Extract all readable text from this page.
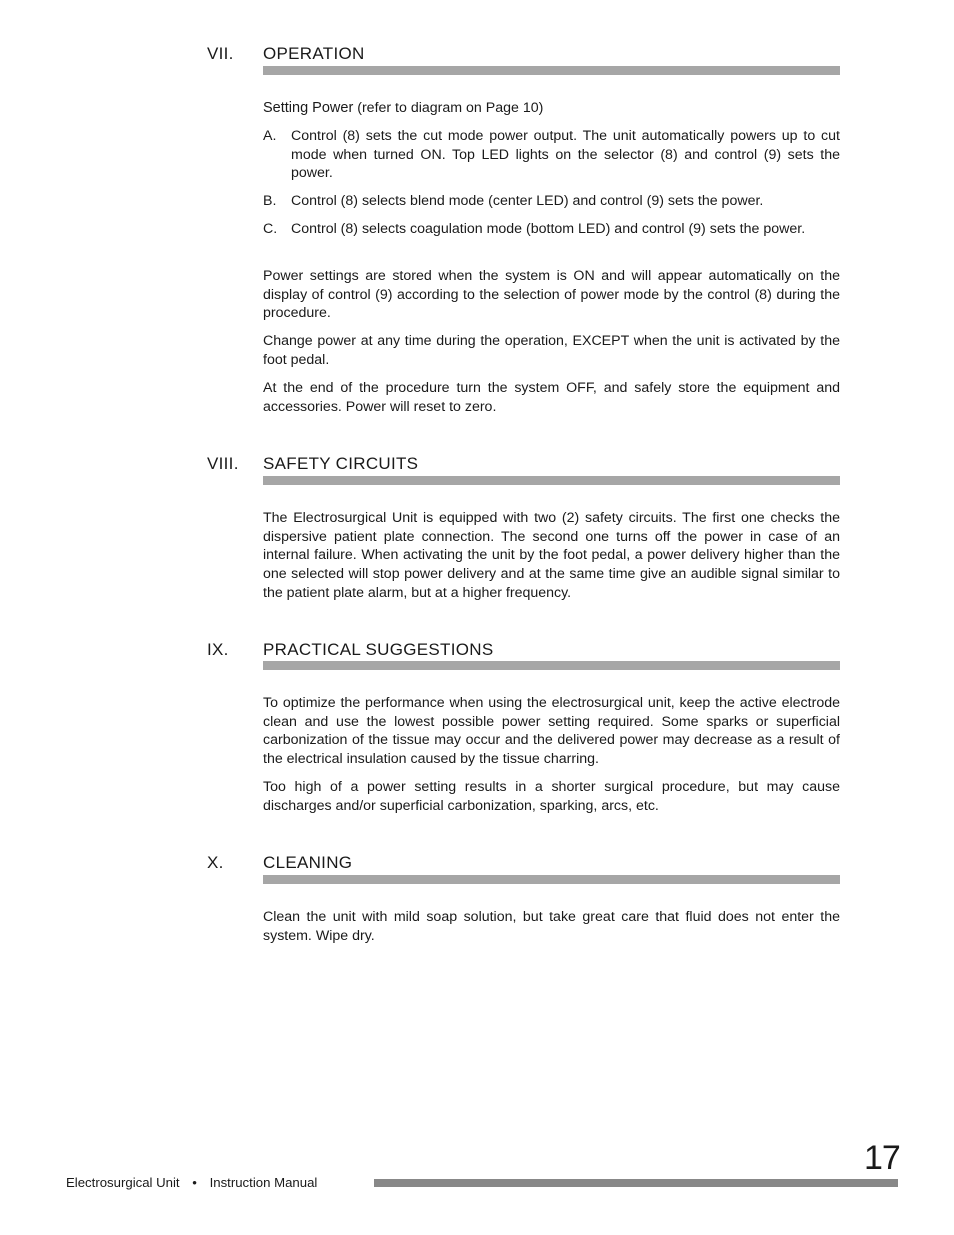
VII. OPERATION
Setting Power (refer to diagram on Page 10)
A. Control (8) sets the cut mode power output. The unit automatically powers up to cut mode when turned ON. Top LED lights on the selector (8) and control (9) sets the power.
B. Control (8) selects blend mode (center LED) and control (9) sets the power.
C. Control (8) selects coagulation mode (bottom LED) and control (9) sets the power.
Power settings are stored when the system is ON and will appear automatically on the display of control (9) according to the selection of power mode by the control (8) during the procedure.
Change power at any time during the operation, EXCEPT when the unit is activated by the foot pedal.
At the end of the procedure turn the system OFF, and safely store the equipment and accessories. Power will reset to zero.
VIII. SAFETY CIRCUITS
The Electrosurgical Unit is equipped with two (2) safety circuits. The first one checks the dispersive patient plate connection. The second one turns off the power in case of an internal failure. When activating the unit by the foot pedal, a power delivery higher than the one selected will stop power delivery and at the same time give an audible signal similar to the patient plate alarm, but at a higher frequency.
IX. PRACTICAL SUGGESTIONS
To optimize the performance when using the electrosurgical unit, keep the active electrode clean and use the lowest possible power setting required. Some sparks or superficial carbonization of the tissue may occur and the delivered power may decrease as a result of the electrical insulation caused by the tissue charring.
Too high of a power setting results in a shorter surgical procedure, but may cause discharges and/or superficial carbonization, sparking, arcs, etc.
X. CLEANING
Clean the unit with mild soap solution, but take great care that fluid does not enter the system. Wipe dry.
Electrosurgical Unit • Instruction Manual
17
